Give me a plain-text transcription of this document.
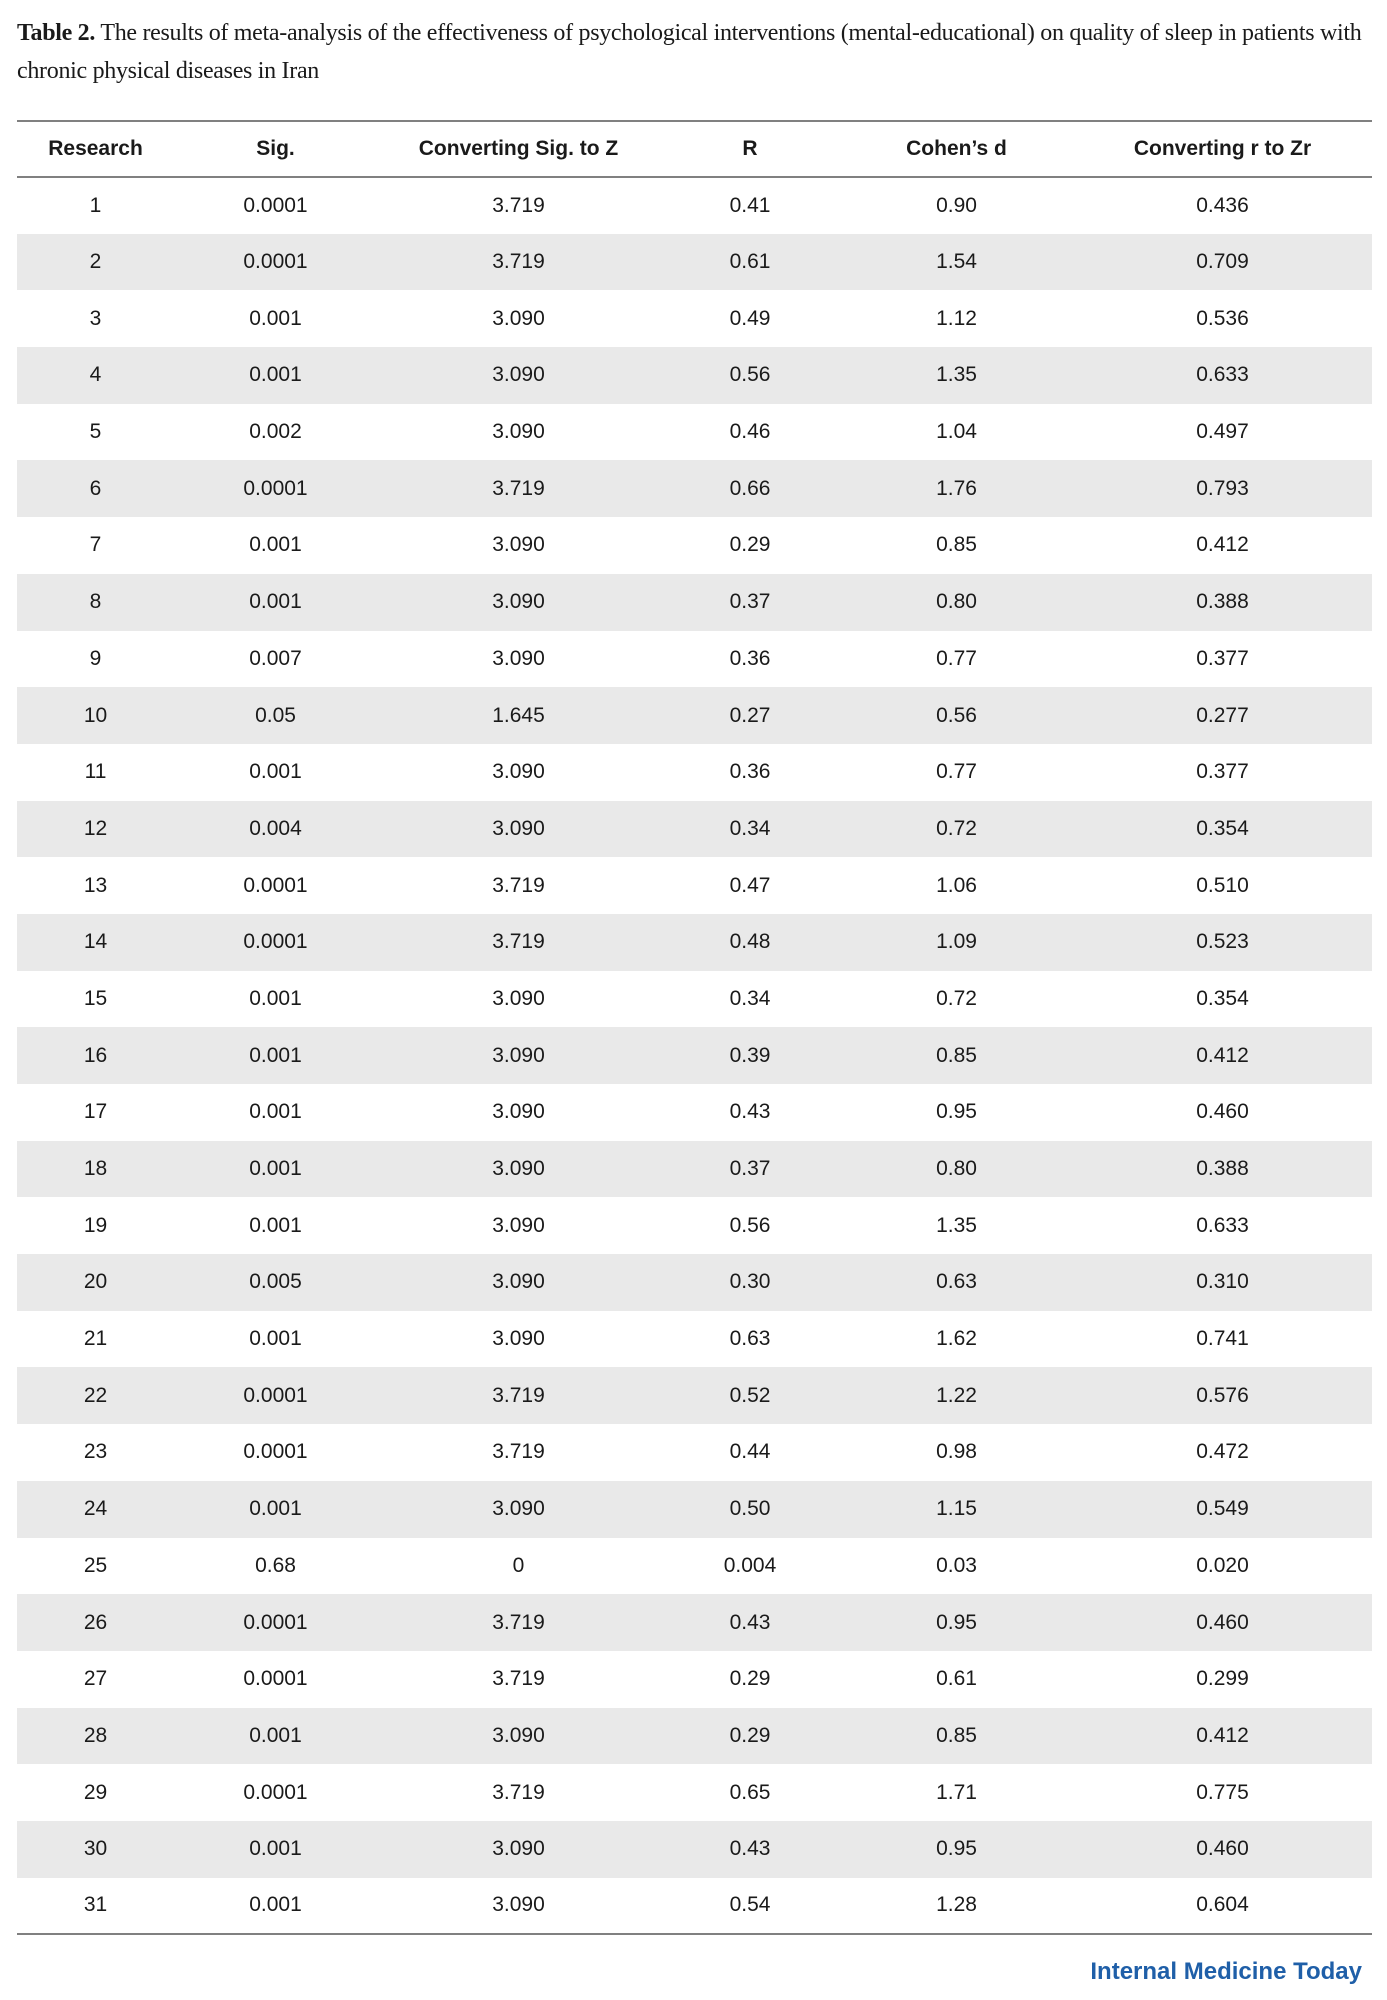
Table 2. The results of meta-analysis of the effectiveness of psychological interventions (mental-educational) on quality of sleep in patients with chronic physical diseases in Iran
Research	Sig.	Converting Sig. to Z	R	Cohen’s d	Converting r to Zr
1	0.0001	3.719	0.41	0.90	0.436
2	0.0001	3.719	0.61	1.54	0.709
3	0.001	3.090	0.49	1.12	0.536
4	0.001	3.090	0.56	1.35	0.633
5	0.002	3.090	0.46	1.04	0.497
6	0.0001	3.719	0.66	1.76	0.793
7	0.001	3.090	0.29	0.85	0.412
8	0.001	3.090	0.37	0.80	0.388
9	0.007	3.090	0.36	0.77	0.377
10	0.05	1.645	0.27	0.56	0.277
11	0.001	3.090	0.36	0.77	0.377
12	0.004	3.090	0.34	0.72	0.354
13	0.0001	3.719	0.47	1.06	0.510
14	0.0001	3.719	0.48	1.09	0.523
15	0.001	3.090	0.34	0.72	0.354
16	0.001	3.090	0.39	0.85	0.412
17	0.001	3.090	0.43	0.95	0.460
18	0.001	3.090	0.37	0.80	0.388
19	0.001	3.090	0.56	1.35	0.633
20	0.005	3.090	0.30	0.63	0.310
21	0.001	3.090	0.63	1.62	0.741
22	0.0001	3.719	0.52	1.22	0.576
23	0.0001	3.719	0.44	0.98	0.472
24	0.001	3.090	0.50	1.15	0.549
25	0.68	0	0.004	0.03	0.020
26	0.0001	3.719	0.43	0.95	0.460
27	0.0001	3.719	0.29	0.61	0.299
28	0.001	3.090	0.29	0.85	0.412
29	0.0001	3.719	0.65	1.71	0.775
30	0.001	3.090	0.43	0.95	0.460
31	0.001	3.090	0.54	1.28	0.604
Internal Medicine Today
